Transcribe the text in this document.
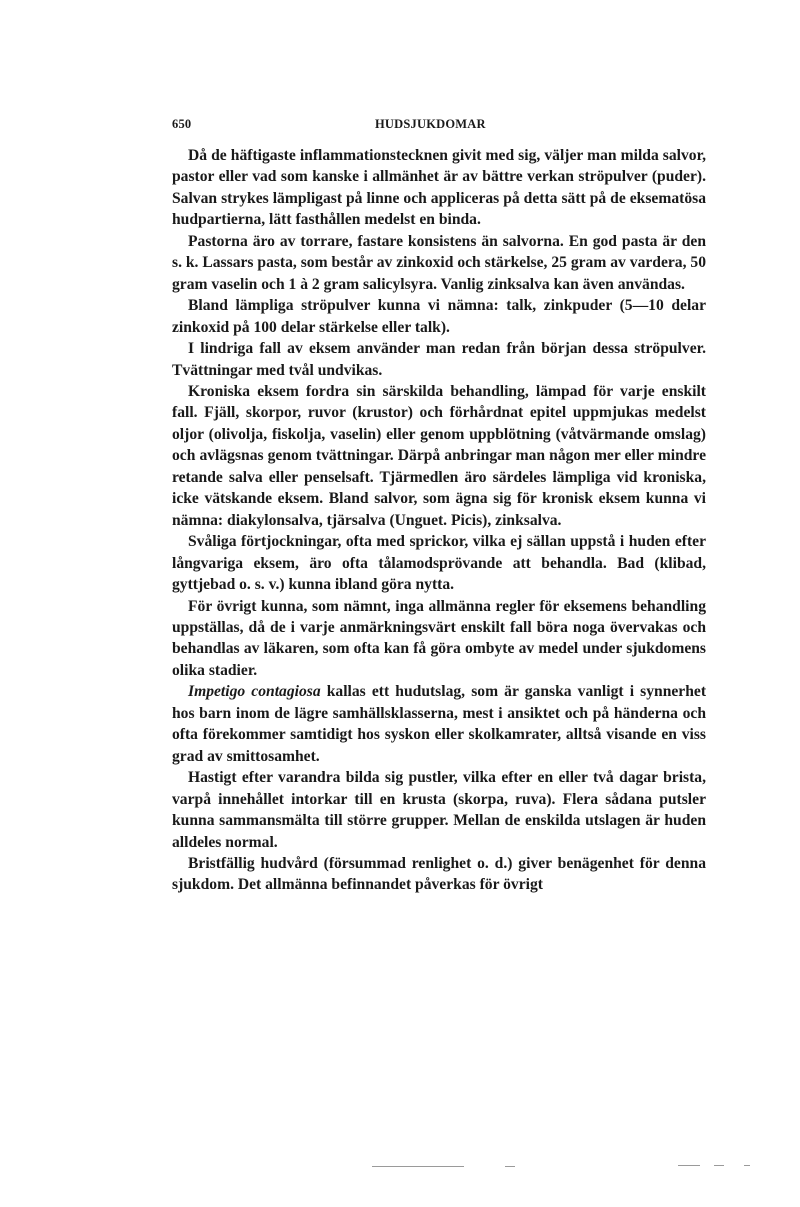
650	HUDSJUKDOMAR

Då de häftigaste inflammationstecknen givit med sig, väljer man milda salvor, pastor eller vad som kanske i allmänhet är av bättre verkan ströpulver (puder). Salvan strykes lämpligast på linne och appliceras på detta sätt på de eksematösa hudpartierna, lätt fasthållen medelst en binda.

Pastorna äro av torrare, fastare konsistens än salvorna. En god pasta är den s. k. Lassars pasta, som består av zinkoxid och stärkelse, 25 gram av vardera, 50 gram vaselin och 1 à 2 gram salicylsyra. Vanlig zinksalva kan även användas.

Bland lämpliga ströpulver kunna vi nämna: talk, zinkpuder (5—10 delar zinkoxid på 100 delar stärkelse eller talk).

I lindriga fall av eksem använder man redan från början dessa ströpulver. Tvättningar med tvål undvikas.

Kroniska eksem fordra sin särskilda behandling, lämpad för varje enskilt fall. Fjäll, skorpor, ruvor (krustor) och förhårdnat epitel uppmjukas medelst oljor (olivolja, fiskolja, vaselin) eller genom uppblötning (våtvärmande omslag) och avlägsnas genom tvättningar. Därpå anbringar man någon mer eller mindre retande salva eller penselsaft. Tjärmedlen äro särdeles lämpliga vid kroniska, icke vätskande eksem. Bland salvor, som ägna sig för kronisk eksem kunna vi nämna: diakylonsalva, tjärsalva (Unguet. Picis), zinksalva.

Svåliga förtjockningar, ofta med sprickor, vilka ej sällan uppstå i huden efter långvariga eksem, äro ofta tålamodsprövande att behandla. Bad (klibad, gyttjebad o. s. v.) kunna ibland göra nytta.

För övrigt kunna, som nämnt, inga allmänna regler för eksemens behandling uppställas, då de i varje anmärkningsvärt enskilt fall böra noga övervakas och behandlas av läkaren, som ofta kan få göra ombyte av medel under sjukdomens olika stadier.

Impetigo contagiosa kallas ett hudutslag, som är ganska vanligt i synnerhet hos barn inom de lägre samhällsklasserna, mest i ansiktet och på händerna och ofta förekommer samtidigt hos syskon eller skolkamrater, alltså visande en viss grad av smittosamhet.

Hastigt efter varandra bilda sig pustler, vilka efter en eller två dagar brista, varpå innehållet intorkar till en krusta (skorpa, ruva). Flera sådana putsler kunna sammansmälta till större grupper. Mellan de enskilda utslagen är huden alldeles normal.

Bristfällig hudvård (försummad renlighet o. d.) giver benägenhet för denna sjukdom. Det allmänna befinnandet påverkas för övrigt
